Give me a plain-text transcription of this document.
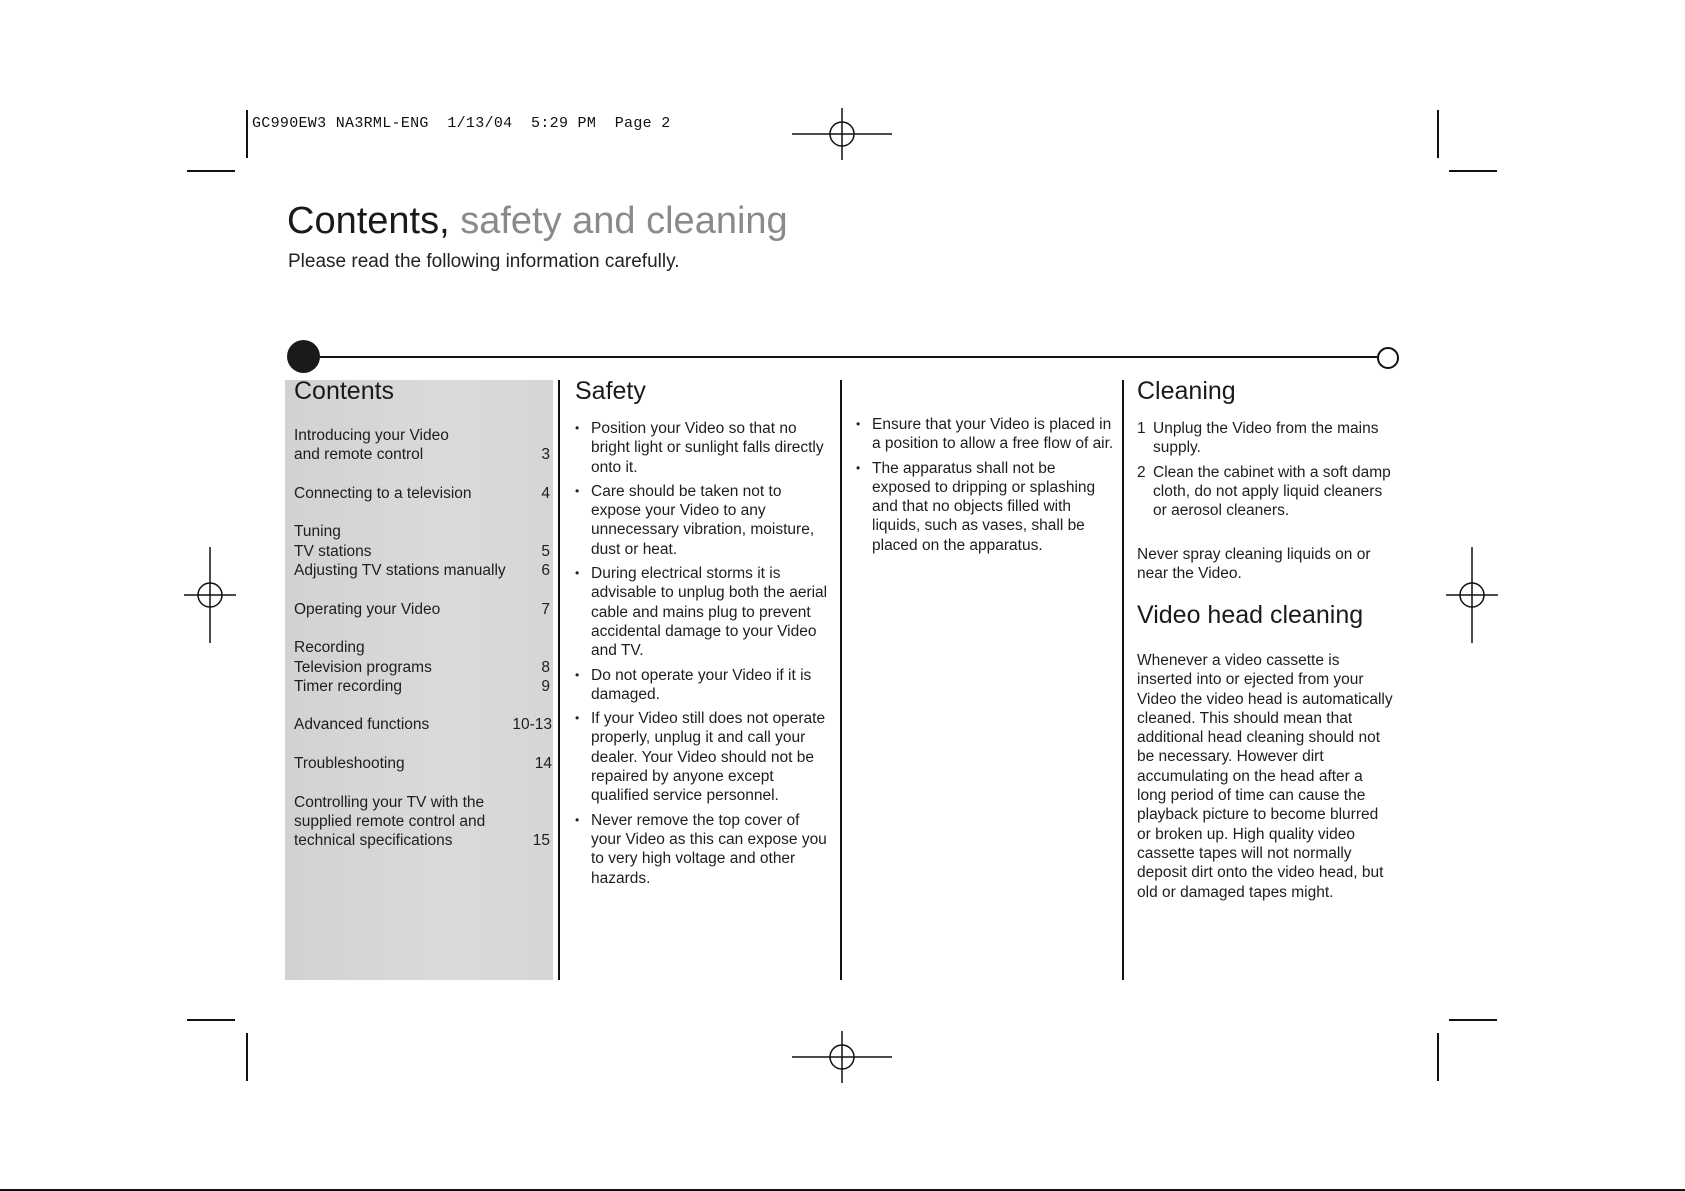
GC990EW3 NA3RML-ENG  1/13/04  5:29 PM  Page 2
Contents, safety and cleaning
Please read the following information carefully.
Contents
Introducing your Video
and remote control	3
Connecting to a television	4
Tuning
TV stations	5
Adjusting TV stations manually 6
Operating your Video	7
Recording
Television programs	8
Timer recording	9
Advanced functions	10-13
Troubleshooting	14
Controlling your TV with the
supplied remote control and
technical specifications	15
Safety
• Position your Video so that no bright light or sunlight falls directly onto it.
• Care should be taken not to expose your Video to any unnecessary vibration, moisture, dust or heat.
• During electrical storms it is advisable to unplug both the aerial cable and mains plug to prevent accidental damage to your Video and TV.
• Do not operate your Video if it is damaged.
• If your Video still does not operate properly, unplug it and call your dealer. Your Video should not be repaired by anyone except qualified service personnel.
• Never remove the top cover of your Video as this can expose you to very high voltage and other hazards.
• Ensure that your Video is placed in a position to allow a free flow of air.
• The apparatus shall not be exposed to dripping or splashing and that no objects filled with liquids, such as vases, shall be placed on the apparatus.
Cleaning
1 Unplug the Video from the mains supply.
2 Clean the cabinet with a soft damp cloth, do not apply liquid cleaners or aerosol cleaners.
Never spray cleaning liquids on or near the Video.
Video head cleaning
Whenever a video cassette is inserted into or ejected from your Video the video head is automatically cleaned. This should mean that additional head cleaning should not be necessary. However dirt accumulating on the head after a long period of time can cause the playback picture to become blurred or broken up. High quality video cassette tapes will not normally deposit dirt onto the video head, but old or damaged tapes might.
